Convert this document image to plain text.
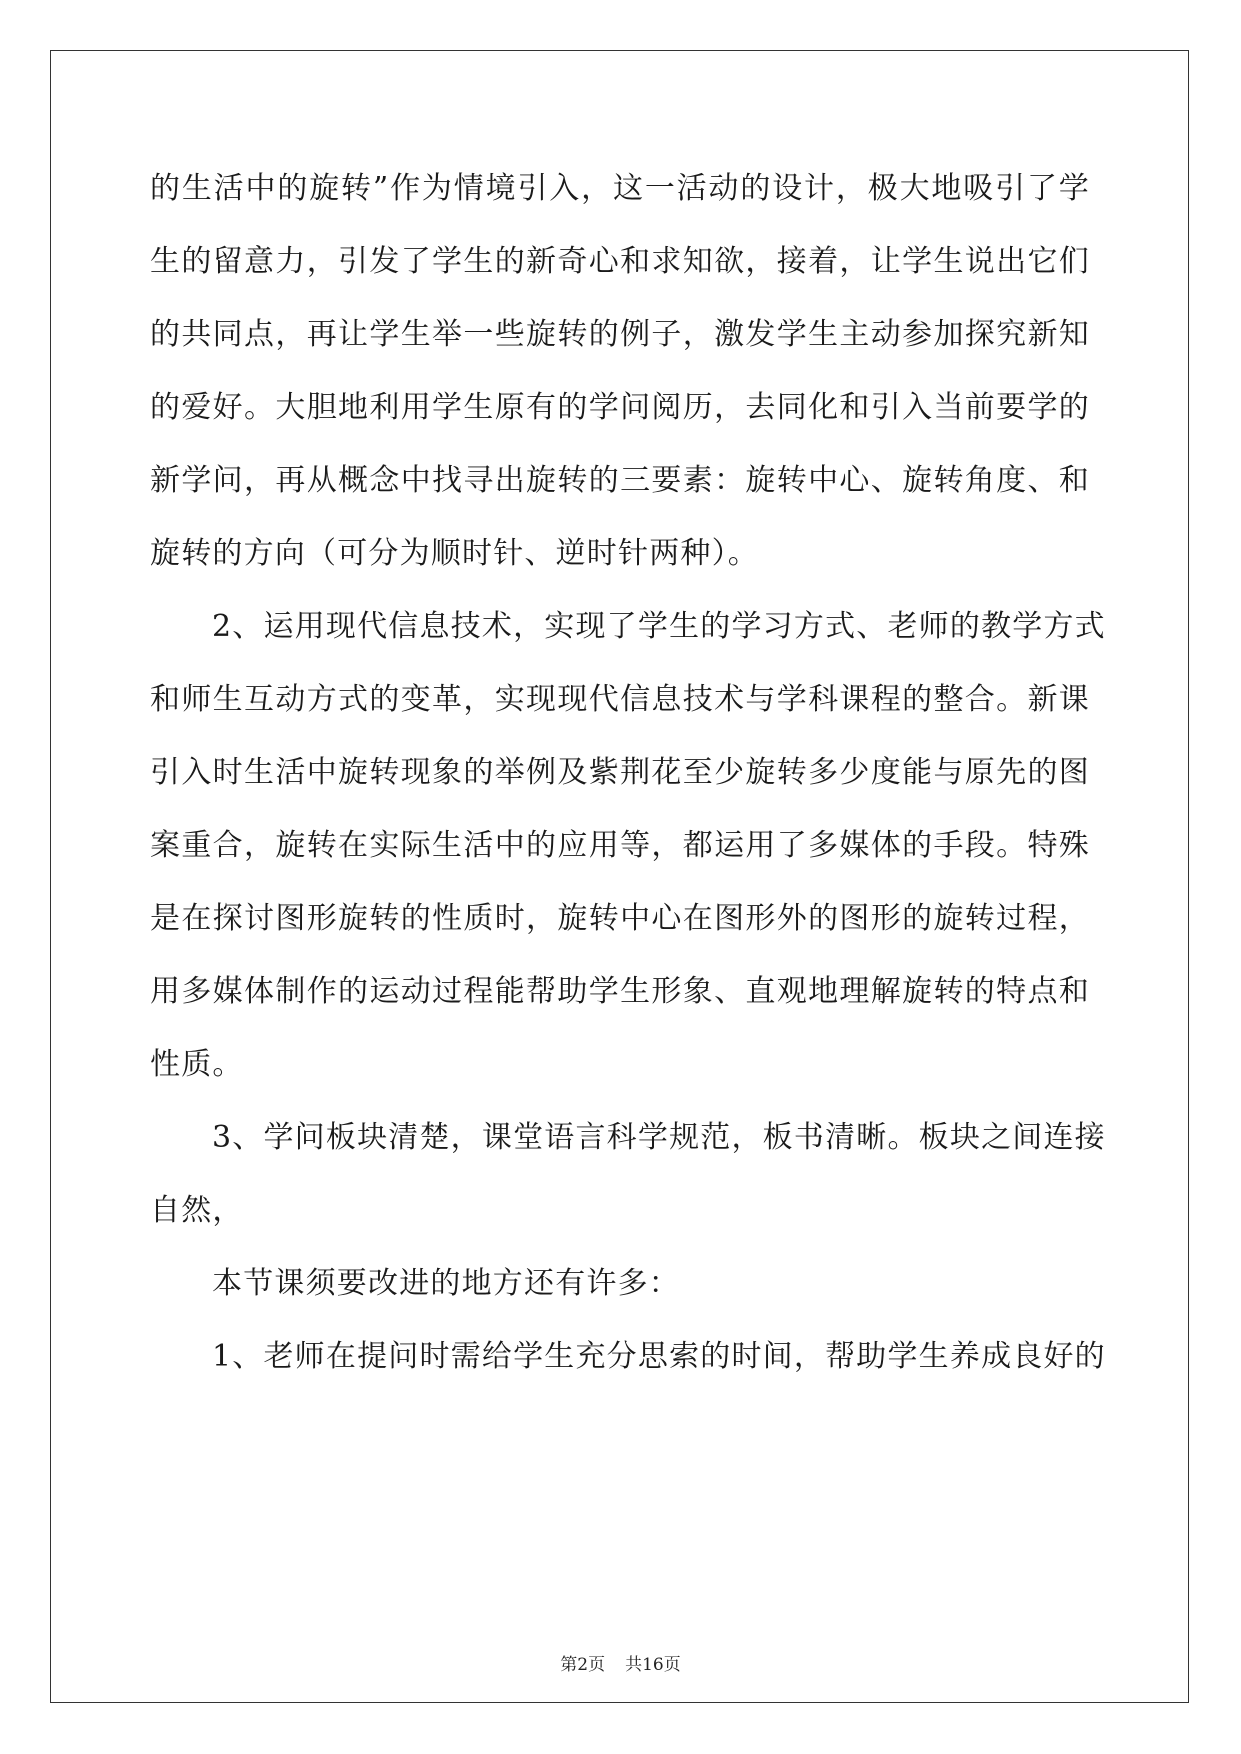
的生活中的旋转”作为情境引入，这一活动的设计，极大地吸引了学
生的留意力，引发了学生的新奇心和求知欲，接着，让学生说出它们
的共同点，再让学生举一些旋转的例子，激发学生主动参加探究新知
的爱好。大胆地利用学生原有的学问阅历，去同化和引入当前要学的
新学问，再从概念中找寻出旋转的三要素：旋转中心、旋转角度、和
旋转的方向（可分为顺时针、逆时针两种）。
2、运用现代信息技术，实现了学生的学习方式、老师的教学方式
和师生互动方式的变革，实现现代信息技术与学科课程的整合。新课
引入时生活中旋转现象的举例及紫荆花至少旋转多少度能与原先的图
案重合，旋转在实际生活中的应用等，都运用了多媒体的手段。特殊
是在探讨图形旋转的性质时，旋转中心在图形外的图形的旋转过程，
用多媒体制作的运动过程能帮助学生形象、直观地理解旋转的特点和
性质。
3、学问板块清楚，课堂语言科学规范，板书清晰。板块之间连接
自然，
本节课须要改进的地方还有许多：
1、老师在提问时需给学生充分思索的时间，帮助学生养成良好的
第2页 共16页
